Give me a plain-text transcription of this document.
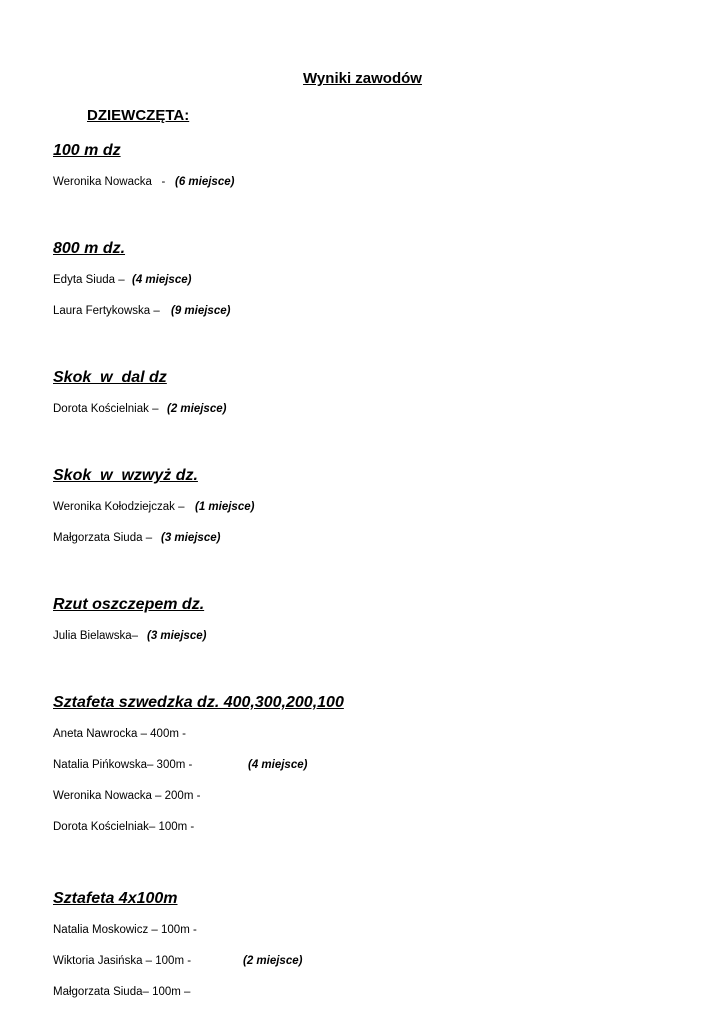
Wyniki zawodów
DZIEWCZĘTA:
100 m dz

Weronika Nowacka   -

(6 miejsce)

800 m dz.

Edyta Siuda –

(4 miejsce)

Laura Fertykowska –

(9 miejsce)

Skok  w  dal dz

Dorota Kościelniak –

(2 miejsce)

Skok  w  wzwyż dz.

Weronika Kołodziejczak –

(1 miejsce)

Małgorzata Siuda –

(3 miejsce)

Rzut oszczepem dz.

Julia Bielawska–

(3 miejsce)

Sztafeta szwedzka dz. 400,300,200,100

Aneta Nawrocka – 400m -

Natalia Pińkowska– 300m -

	(4 miejsce)

Weronika Nowacka – 200m -

Dorota Kościelniak– 100m -

Sztafeta 4x100m

Natalia Moskowicz – 100m -

Wiktoria Jasińska – 100m -

	(2 miejsce)

Małgorzata Siuda– 100m –
